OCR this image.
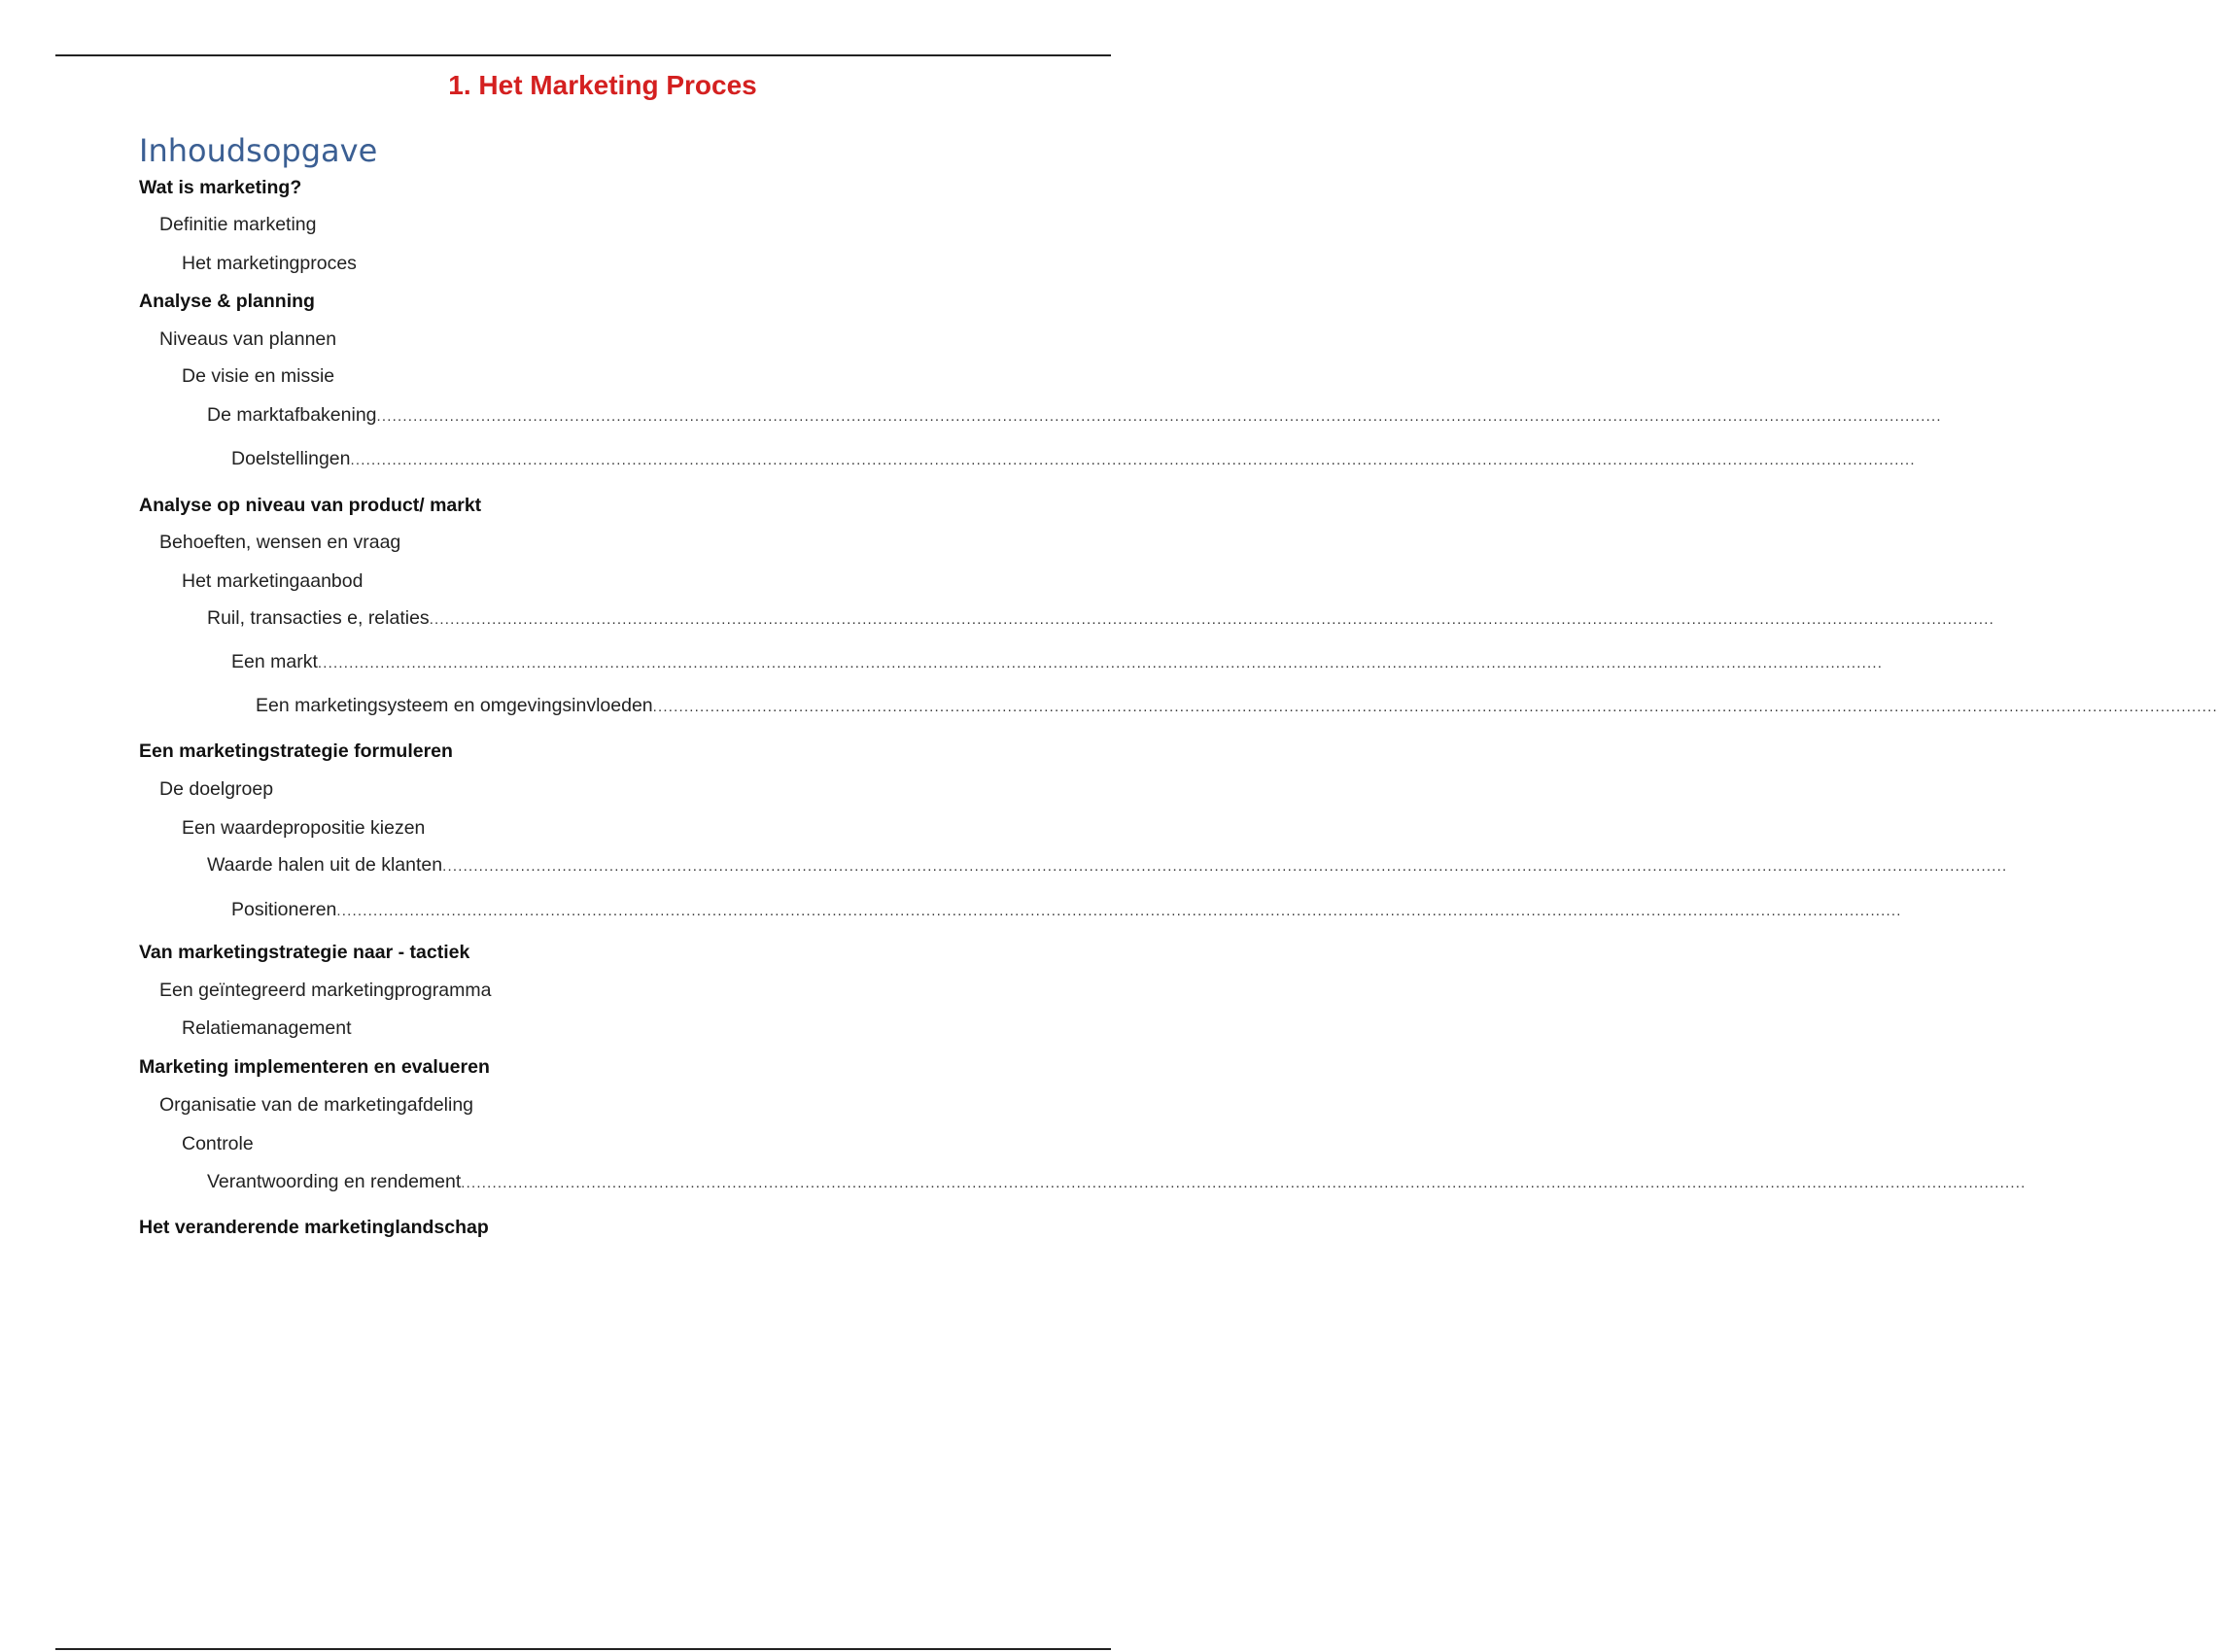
1. Het Marketing Proces
Inhoudsopgave
Wat is marketing?
Definitie marketing
Het marketingproces
Analyse & planning
Niveaus van plannen
De visie en missie
De marktafbakening ............................................................................................................................................................................................................................................................................................................
Doelstellingen ............................................................................................................................................................................................................................................................................................................
Analyse op niveau van product/ markt
Behoeften, wensen en vraag
Het marketingaanbod
Ruil, transacties e, relaties ............................................................................................................................................................................................................................................................................................................
Een markt ............................................................................................................................................................................................................................................................................................................
Een marketingsysteem en omgevingsinvloeden ............................................................................................................................................................................................................................................................................................................
Een marketingstrategie formuleren
De doelgroep
Een waardepropositie kiezen
Waarde halen uit de klanten ............................................................................................................................................................................................................................................................................................................
Positioneren ............................................................................................................................................................................................................................................................................................................
Van marketingstrategie naar - tactiek
Een geïntegreerd marketingprogramma
Relatiemanagement
Marketing implementeren en evalueren
Organisatie van de marketingafdeling
Controle
Verantwoording en rendement ............................................................................................................................................................................................................................................................................................................
Het veranderende marketinglandschap
